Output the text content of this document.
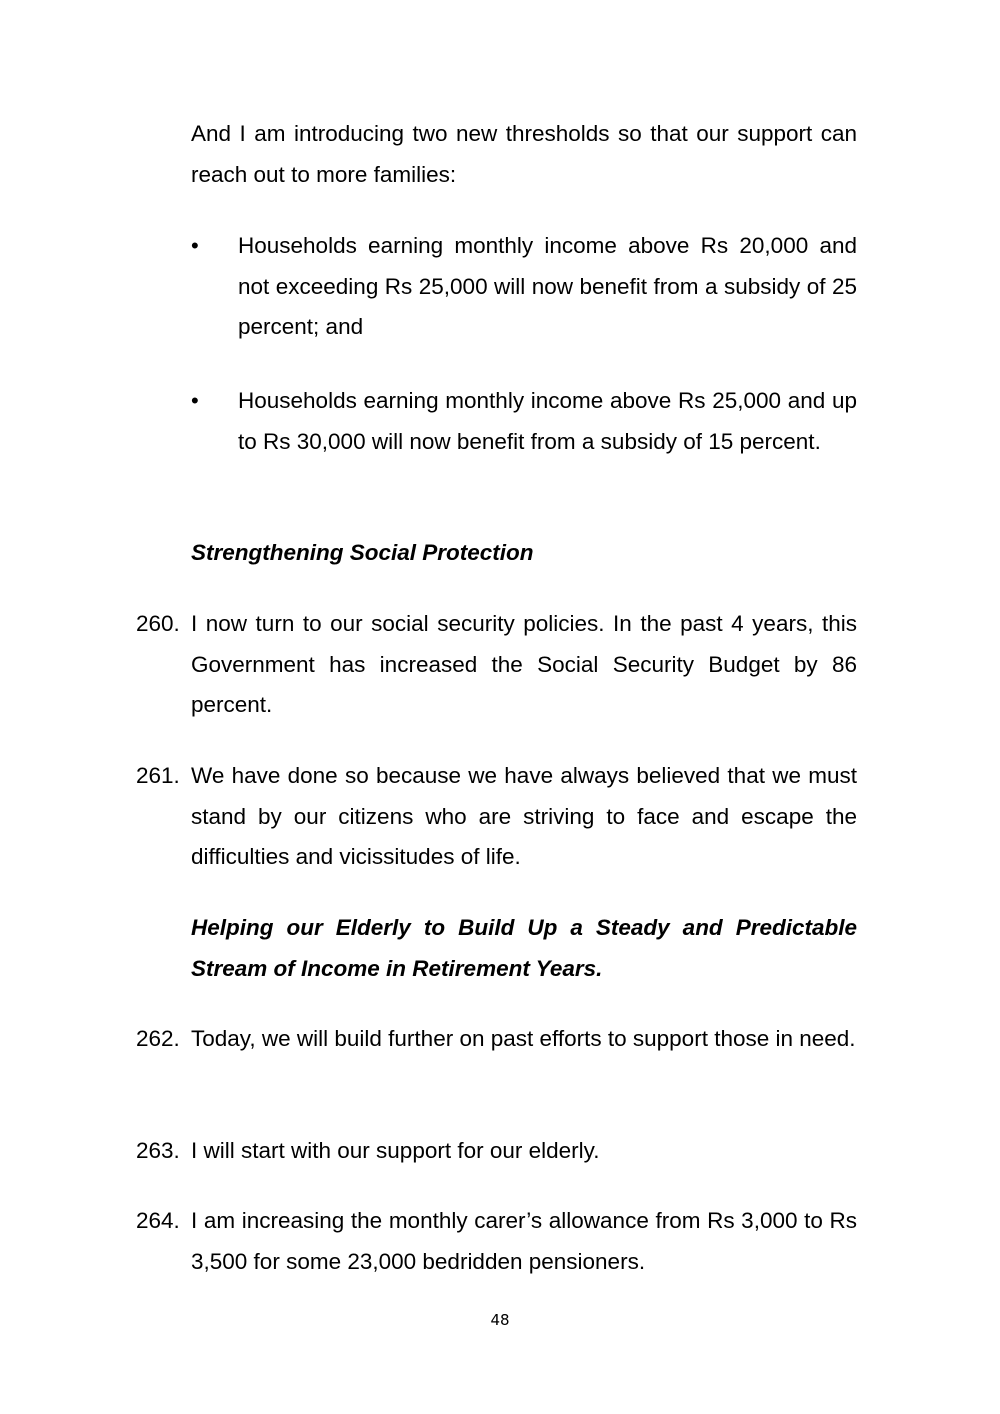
And I am introducing two new thresholds so that our support can reach out to more families:

•	Households earning monthly income above Rs 20,000 and not exceeding Rs 25,000 will now benefit from a subsidy of 25 percent; and

•	Households earning monthly income above Rs 25,000 and up to Rs 30,000 will now benefit from a subsidy of 15 percent.

Strengthening Social Protection
260. I now turn to our social security policies. In the past 4 years, this Government has increased the Social Security Budget by 86 percent.

261. We have done so because we have always believed that we must stand by our citizens who are striving to face and escape the difficulties and vicissitudes of life.

Helping our Elderly to Build Up a Steady and Predictable Stream of Income in Retirement Years.
262. Today, we will build further on past efforts to support those in need.

263. I will start with our support for our elderly.

264. I am increasing the monthly carer’s allowance from Rs 3,000 to Rs 3,500 for some 23,000 bedridden pensioners.

48
